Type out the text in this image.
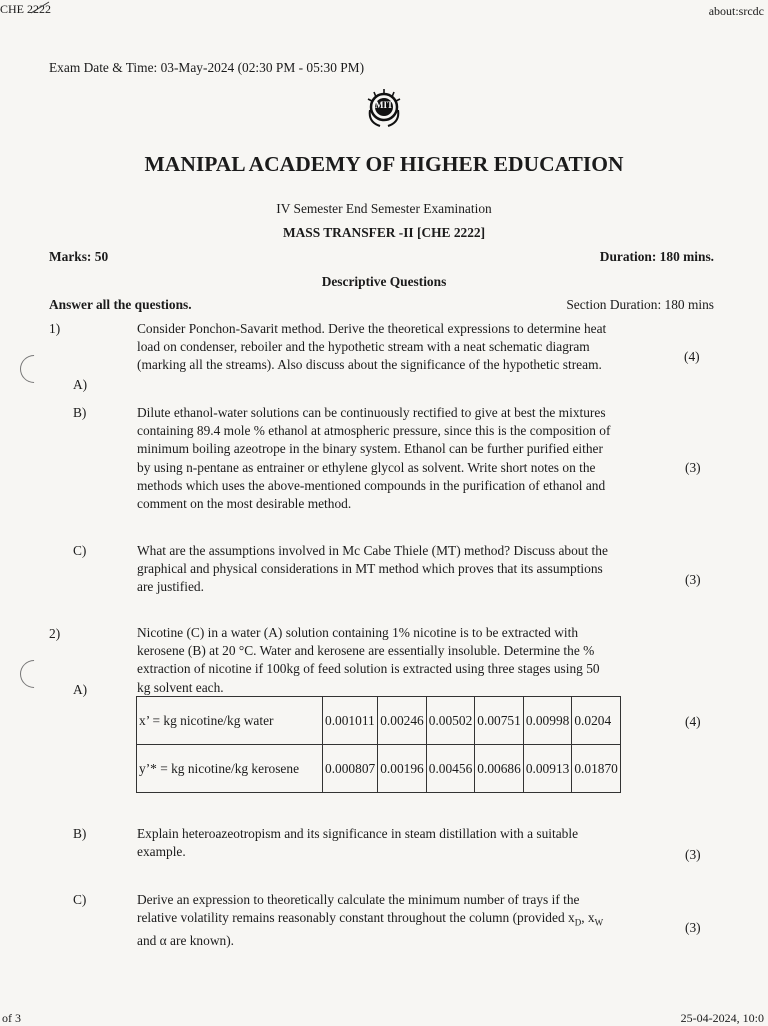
CHE 2222	about:srcdc
of 3	25-04-2024, 10:0
Exam Date & Time: 03-May-2024 (02:30 PM - 05:30 PM)
MIT
MANIPAL ACADEMY OF HIGHER EDUCATION
IV Semester End Semester Examination
MASS TRANSFER -II [CHE 2222]
Marks: 50	Duration: 180 mins.
Descriptive Questions
Answer all the questions.	Section Duration: 180 mins
1)
A)
Consider Ponchon-Savarit method. Derive the theoretical expressions to determine heat
load on condenser, reboiler and the hypothetic stream with a neat schematic diagram
(marking all the streams). Also discuss about the significance of the hypothetic stream.
(4)
B)	Dilute ethanol-water solutions can be continuously rectified to give at best the mixtures
containing 89.4 mole % ethanol at atmospheric pressure, since this is the composition of
minimum boiling azeotrope in the binary system. Ethanol can be further purified either
by using n-pentane as entrainer or ethylene glycol as solvent. Write short notes on the
methods which uses the above-mentioned compounds in the purification of ethanol and
comment on the most desirable method.
(3)
C)	What are the assumptions involved in Mc Cabe Thiele (MT) method? Discuss about the
graphical and physical considerations in MT method which proves that its assumptions
are justified.	(3)
2)
A)
Nicotine (C) in a water (A) solution containing 1% nicotine is to be extracted with
kerosene (B) at 20 °C. Water and kerosene are essentially insoluble. Determine the %
extraction of nicotine if 100kg of feed solution is extracted using three stages using 50
kg solvent each.
x’ = kg nicotine/kg water	0.001011	0.00246	0.00502	0.00751	0.00998	0.0204
y’* = kg nicotine/kg kerosene	0.000807	0.00196	0.00456	0.00686	0.00913	0.01870
(4)
B)	Explain heteroazeotropism and its significance in steam distillation with a suitable
example.	(3)
C)	Derive an expression to theoretically calculate the minimum number of trays if the
relative volatility remains reasonably constant throughout the column (provided $x_D$, $x_W$
and α are known).
(3)
